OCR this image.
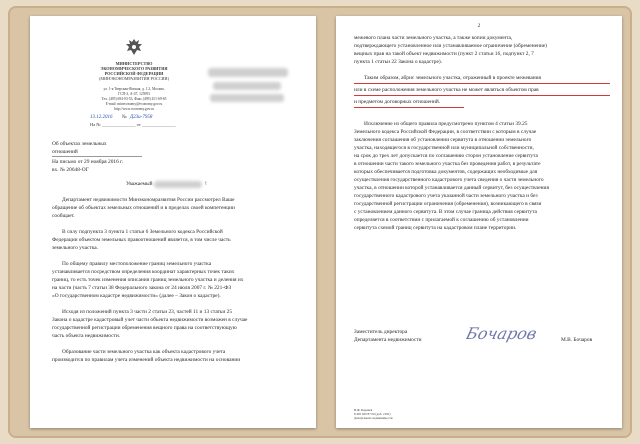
МИНИСТЕРСТВО
ЭКОНОМИЧЕСКОГО РАЗВИТИЯ
РОССИЙСКОЙ ФЕДЕРАЦИИ
(МИНЭКОНОМРАЗВИТИЯ РОССИИ)
ул. 1-я Тверская-Ямская, д. 1,3, Москва,
ГСП-3, А-47, 125993
Тел. (495) 694-03-53, Факс (499) 251-69-65
E-mail: mineconomy@economy.gov.ru
http://www.economy.gov.ru
13.12.2016 № Д23и-7958
На № _______________ от _______________
Об объектах земельных
отношений
На письмо от 29 ноября 2016 г.
вх. № 20648-ОГ
Уважаемый	!
Департамент недвижимости Минэкономразвития России рассмотрел Ваше
обращение об объектах земельных отношений и в пределах своей компетенции
сообщает.
В силу подпункта 3 пункта 1 статьи 6 Земельного кодекса Российской
Федерации объектом земельных правоотношений является, в том числе часть
земельного участка.
По общему правилу местоположение границ земельного участка
устанавливается посредством определения координат характерных точек таких
границ, то есть точек изменения описания границ земельного участка и деления их
на части (часть 7 статьи 38 Федерального закона от 24 июля 2007 г. № 221-ФЗ
«О государственном кадастре недвижимости» (далее – Закон о кадастре).
Исходя из положений пункта 3 части 2 статьи 23, частей 11 и 13 статьи 25
Закона о кадастре кадастровый учет части объекта недвижимости возможен в случае
государственной регистрации обременения вещного права на соответствующую
часть объекта недвижимости.
Образование части земельного участка как объекта кадастрового учета
производится по правилам учета изменений объекта недвижимости на основании
2
межевого плана части земельного участка, а также копии документа,
подтверждающего установленное или устанавливаемое ограничение (обременение)
вещных прав на такой объект недвижимости (пункт 2 статьи 16, подпункт 2, 7
пункта 1 статьи 22 Закона о кадастре).
Таким образом, абрис земельного участка, отраженный в проекте межевания
или в схеме расположения земельного участка не может являться объектом прав
и предметом договорных отношений.
Исключение из общего правила предусмотрено пунктом 4 статьи 39.25
Земельного кодекса Российской Федерации, в соответствии с которым в случае
заключения соглашения об установлении сервитута в отношении земельного
участка, находящегося в государственной или муниципальной собственности,
на срок до трех лет допускается по соглашению сторон установление сервитута
в отношении части такого земельного участка без проведения работ, в результате
которых обеспечивается подготовка документов, содержащих необходимые для
осуществления государственного кадастрового учета сведения о части земельного
участка, в отношении которой устанавливается данный сервитут, без осуществления
государственного кадастрового учета указанной части земельного участка и без
государственной регистрации ограничения (обременения), возникающего в связи
с установлением данного сервитута. В этом случае граница действия сервитута
определяется в соответствии с прилагаемой к соглашению об установлении
сервитута схемой границ сервитута на кадастровом плане территории.
Заместитель директора
Департамента недвижимости	Бочаров	М.В. Бочаров
В.Ф. Коренев
8 495 650 87 00 (доб. 2181)
Департамент недвижимости
